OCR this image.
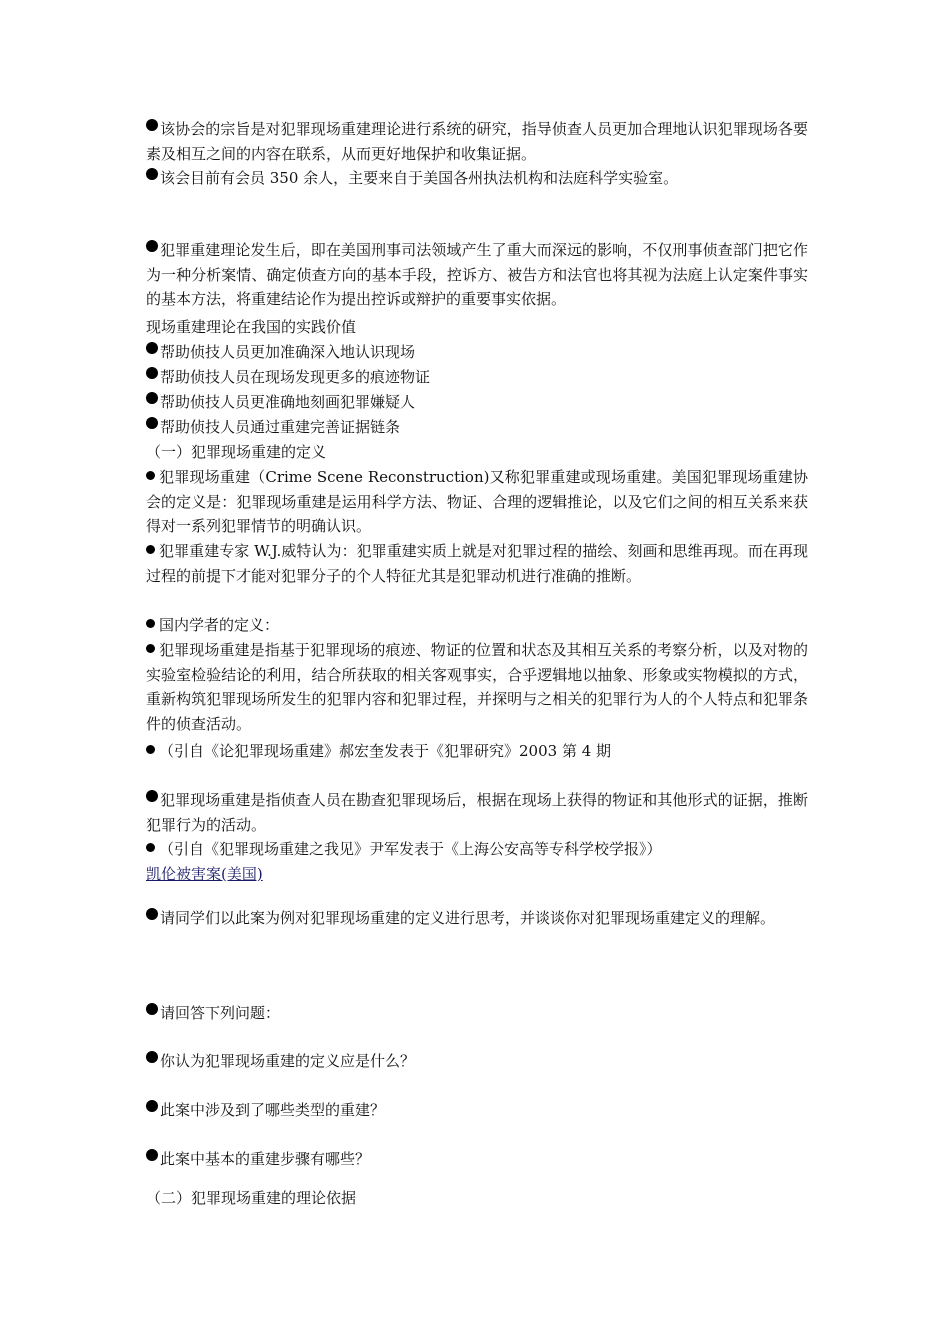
该协会的宗旨是对犯罪现场重建理论进行系统的研究，指导侦查人员更加合理地认识犯罪现场各要素及相互之间的内容在联系，从而更好地保护和收集证据。

该会目前有会员 350 余人，主要来自于美国各州执法机构和法庭科学实验室。

犯罪重建理论发生后，即在美国刑事司法领域产生了重大而深远的影响，不仅刑事侦查部门把它作为一种分析案情、确定侦查方向的基本手段，控诉方、被告方和法官也将其视为法庭上认定案件事实的基本方法，将重建结论作为提出控诉或辩护的重要事实依据。

现场重建理论在我国的实践价值

帮助侦技人员更加准确深入地认识现场

帮助侦技人员在现场发现更多的痕迹物证

帮助侦技人员更准确地刻画犯罪嫌疑人

帮助侦技人员通过重建完善证据链条

（一）犯罪现场重建的定义

犯罪现场重建（Crime Scene Reconstruction)又称犯罪重建或现场重建。美国犯罪现场重建协会的定义是：犯罪现场重建是运用科学方法、物证、合理的逻辑推论，以及它们之间的相互关系来获得对一系列犯罪情节的明确认识。

犯罪重建专家 W.J.威特认为：犯罪重建实质上就是对犯罪过程的描绘、刻画和思维再现。而在再现过程的前提下才能对犯罪分子的个人特征尤其是犯罪动机进行准确的推断。

国内学者的定义：

犯罪现场重建是指基于犯罪现场的痕迹、物证的位置和状态及其相互关系的考察分析，以及对物的实验室检验结论的利用，结合所获取的相关客观事实，合乎逻辑地以抽象、形象或实物模拟的方式，重新构筑犯罪现场所发生的犯罪内容和犯罪过程，并探明与之相关的犯罪行为人的个人特点和犯罪条件的侦查活动。

（引自《论犯罪现场重建》郝宏奎发表于《犯罪研究》2003 第 4 期

犯罪现场重建是指侦查人员在勘查犯罪现场后，根据在现场上获得的物证和其他形式的证据，推断犯罪行为的活动。

（引自《犯罪现场重建之我见》尹军发表于《上海公安高等专科学校学报》）

凯伦被害案(美国)

请同学们以此案为例对犯罪现场重建的定义进行思考，并谈谈你对犯罪现场重建定义的理解。

请回答下列问题：

你认为犯罪现场重建的定义应是什么？

此案中涉及到了哪些类型的重建？

此案中基本的重建步骤有哪些？

（二）犯罪现场重建的理论依据
